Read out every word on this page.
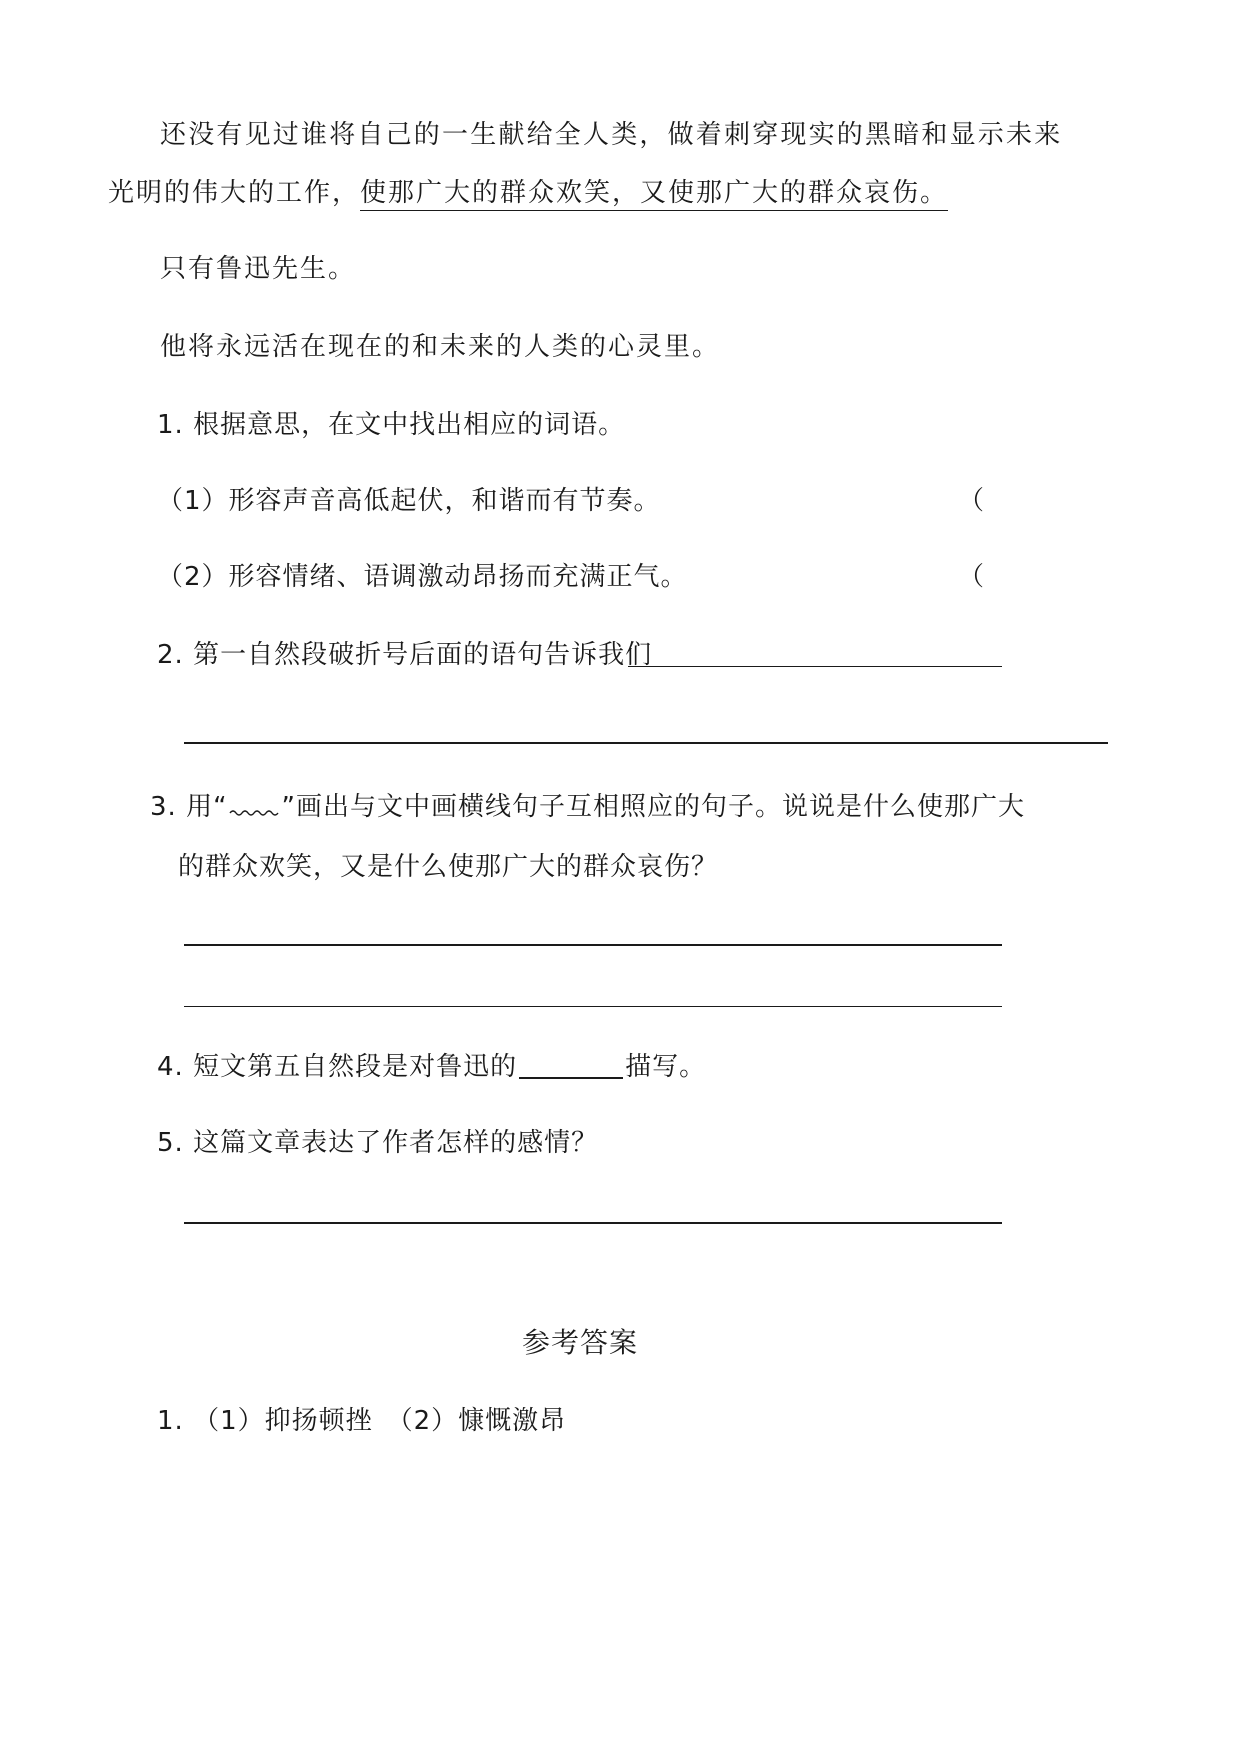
还没有见过谁将自己的一生献给全人类，做着刺穿现实的黑暗和显示未来
光明的伟大的工作，使那广大的群众欢笑，又使那广大的群众哀伤。
只有鲁迅先生。
他将永远活在现在的和未来的人类的心灵里。
1. 根据意思，在文中找出相应的词语。
（1）形容声音高低起伏，和谐而有节奏。	（
（2）形容情绪、语调激动昂扬而充满正气。	（
2. 第一自然段破折号后面的语句告诉我们
3. 用“ ”画出与文中画横线句子互相照应的句子。说说是什么使那广大
的群众欢笑，又是什么使那广大的群众哀伤？
4. 短文第五自然段是对鲁迅的	描写。
5. 这篇文章表达了作者怎样的感情？
参考答案
1. （1）抑扬顿挫　（2）慷慨激昂
